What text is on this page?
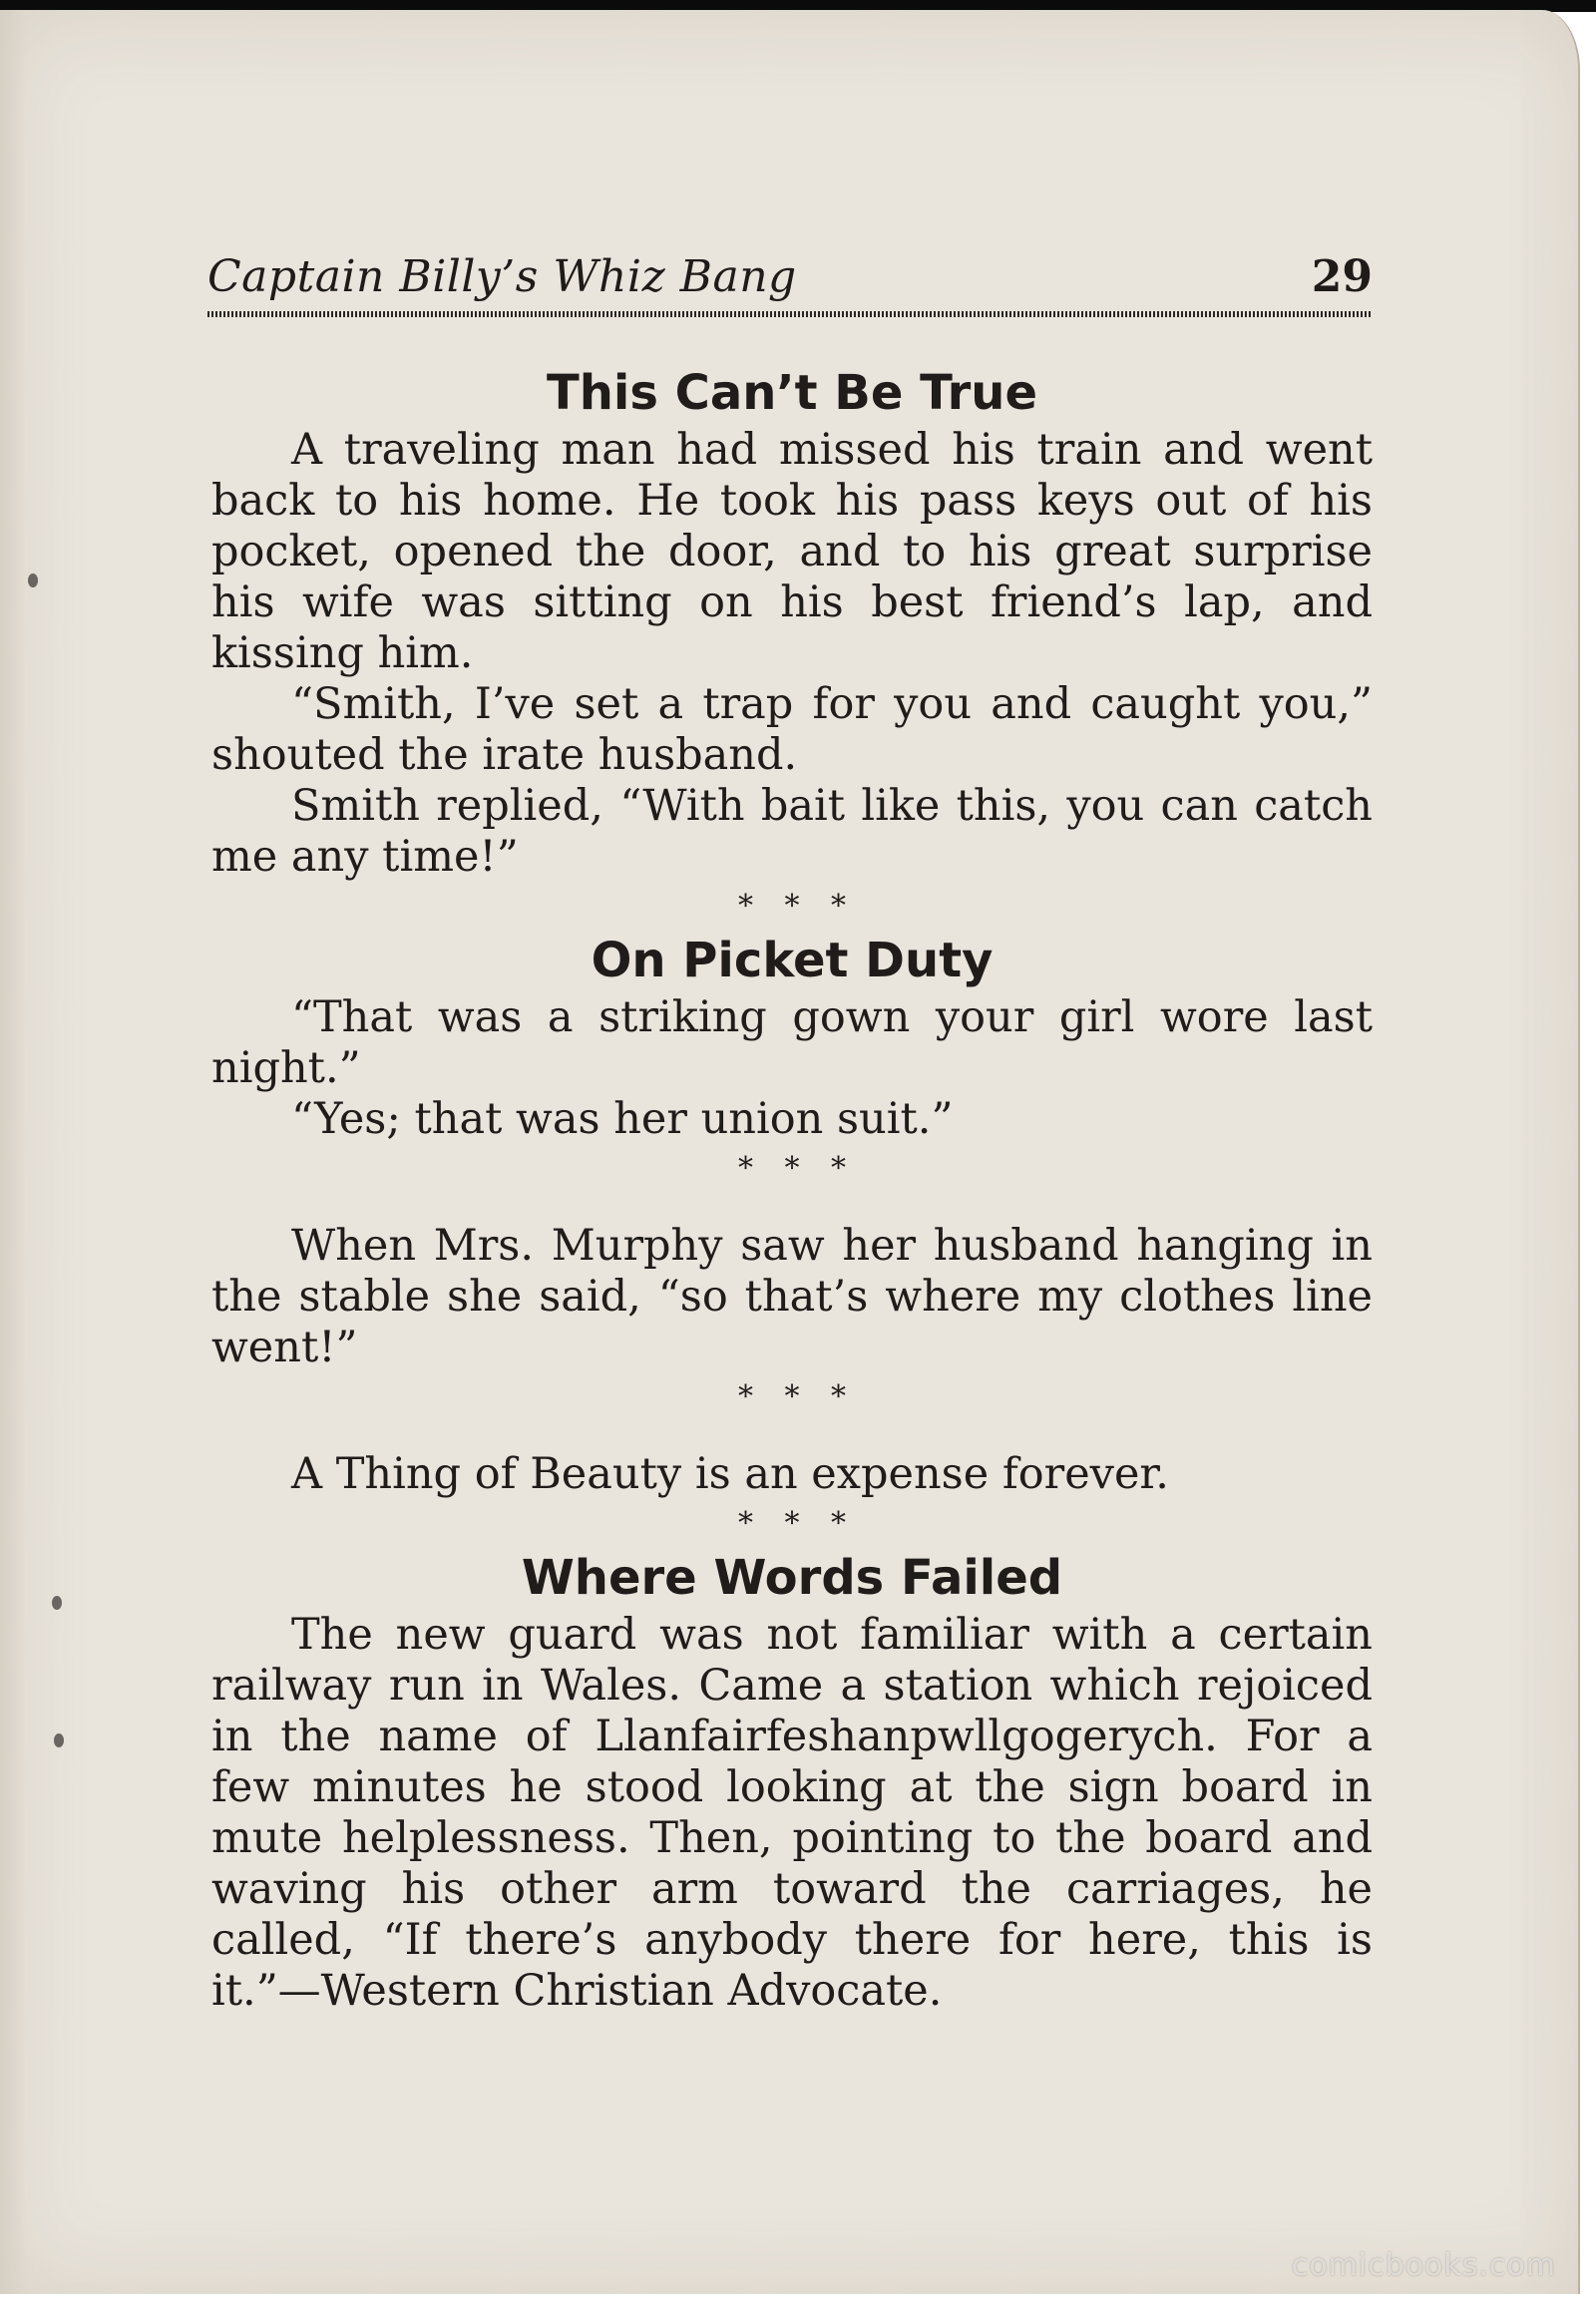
Captain Billy’s Whiz Bang	29
This Can’t Be True

A traveling man had missed his train and went back to his home. He took his pass keys out of his pocket, opened the door, and to his great surprise his wife was sitting on his best friend’s lap, and kissing him.

“Smith, I’ve set a trap for you and caught you,” shouted the irate husband.

Smith replied, “With bait like this, you can catch me any time!”

* * *
On Picket Duty

“That was a striking gown your girl wore last night.”

“Yes; that was her union suit.”

* * *

When Mrs. Murphy saw her husband hanging in the stable she said, “so that’s where my clothes line went!”

* * *

A Thing of Beauty is an expense forever.

* * *
Where Words Failed

The new guard was not familiar with a certain railway run in Wales. Came a station which rejoiced in the name of Llanfairfeshanpwllgogerych. For a few minutes he stood looking at the sign board in mute helplessness. Then, pointing to the board and waving his other arm toward the carriages, he called, “If there’s anybody there for here, this is it.”—Western Christian Advocate.

comicbooks.com
